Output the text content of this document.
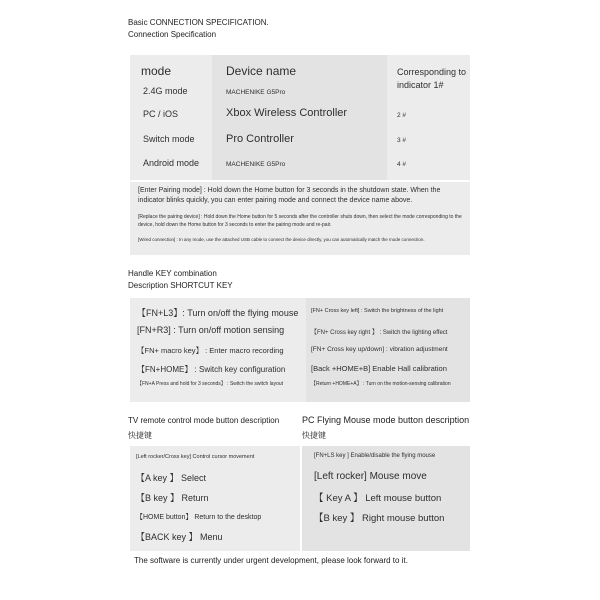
Basic CONNECTION SPECIFICATION.
Connection Specification
mode	Device name	Corresponding to indicator 1#
2.4G mode	MACHENIKE G5Pro
PC / iOS	Xbox Wireless Controller	2 #
Switch mode	Pro Controller	3 #
Android mode	MACHENIKE G5Pro	4 #
[Enter Pairing mode] : Hold down the Home button for 3 seconds in the shutdown state. When the indicator blinks quickly, you can enter pairing mode and connect the device name above.
[Replace the pairing device] : Hold down the Home button for 5 seconds after the controller shuts down, then select the mode corresponding to the device, hold down the Home button for 3 seconds to enter the pairing mode and re-pair.
[Wired connection] : In any mode, use the attached USB cable to connect the device directly, you can automatically match the mode connection.
Handle KEY combination
Description SHORTCUT KEY
【FN+L3】: Turn on/off the flying mouse
[FN+R3] : Turn on/off motion sensing
【FN+ macro key】 : Enter macro recording
【FN+HOME】 : Switch key configuration
【FN+A Press and hold for 3 seconds】 : Switch the switch layout
[FN+ Cross key left] : Switch the brightness of the light
【FN+ Cross key right 】 : Switch the lighting effect
[FN+ Cross key up/down] : vibration adjustment
[Back +HOME+B] Enable Hall calibration
【Return +HOME+A】 : Turn on the motion-sensing calibration
TV remote control mode button description
快捷键
[Left rocker/Cross key] Control cursor movement
【A key 】 Select
【B key 】 Return
【HOME button】 Return to the desktop
【BACK key 】 Menu
PC Flying Mouse mode button description
快捷键
[FN+LS key ] Enable/disable the flying mouse
[Left rocker] Mouse move
【 Key A 】 Left mouse button
【B key 】 Right mouse button
The software is currently under urgent development, please look forward to it.
